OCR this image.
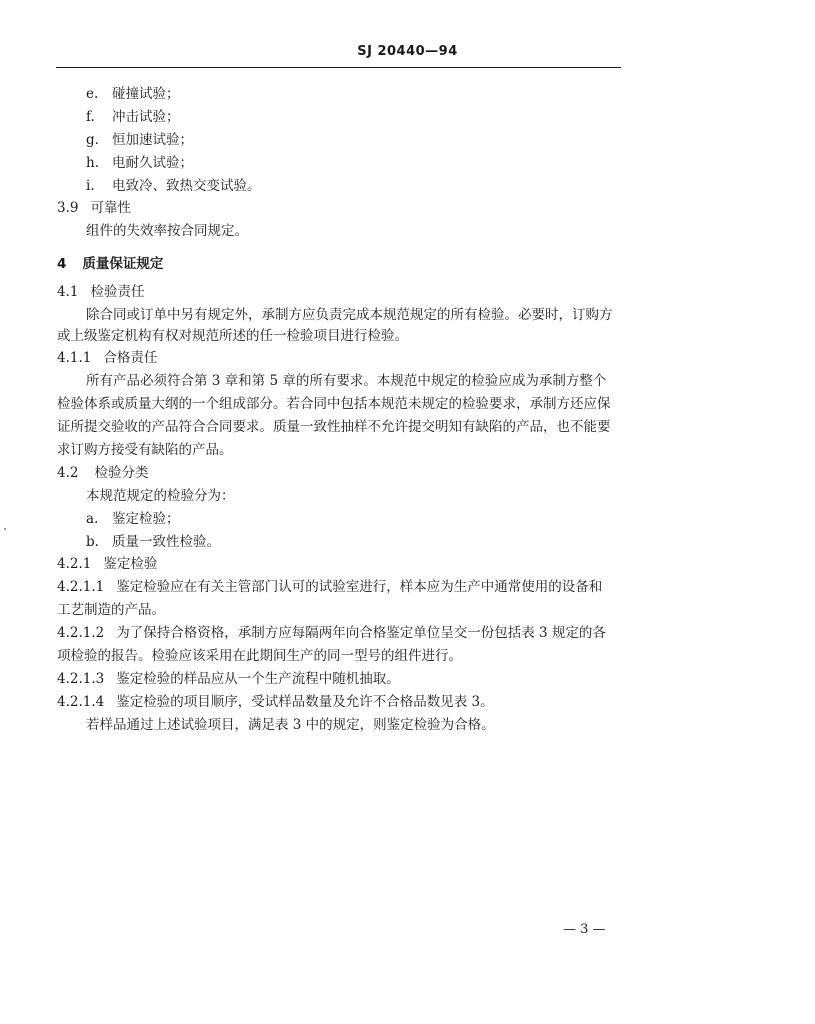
SJ 20440—94
e. 碰撞试验；
f. 冲击试验；
g. 恒加速试验；
h. 电耐久试验；
i. 电致冷、致热交变试验。
3.9 可靠性
组件的失效率按合同规定。
4 质量保证规定
4.1 检验责任
除合同或订单中另有规定外，承制方应负责完成本规范规定的所有检验。必要时，订购方
或上级鉴定机构有权对规范所述的任一检验项目进行检验。
4.1.1 合格责任
所有产品必须符合第 3 章和第 5 章的所有要求。本规范中规定的检验应成为承制方整个
检验体系或质量大纲的一个组成部分。若合同中包括本规范未规定的检验要求，承制方还应保
证所提交验收的产品符合合同要求。质量一致性抽样不允许提交明知有缺陷的产品，也不能要
求订购方接受有缺陷的产品。
4.2 检验分类
本规范规定的检验分为：
a. 鉴定检验；
b. 质量一致性检验。
4.2.1 鉴定检验
4.2.1.1 鉴定检验应在有关主管部门认可的试验室进行，样本应为生产中通常使用的设备和
工艺制造的产品。
4.2.1.2 为了保持合格资格，承制方应每隔两年向合格鉴定单位呈交一份包括表 3 规定的各
项检验的报告。检验应该采用在此期间生产的同一型号的组件进行。
4.2.1.3 鉴定检验的样品应从一个生产流程中随机抽取。
4.2.1.4 鉴定检验的项目顺序，受试样品数量及允许不合格品数见表 3。
若样品通过上述试验项目，满足表 3 中的规定，则鉴定检验为合格。
— 3 —
